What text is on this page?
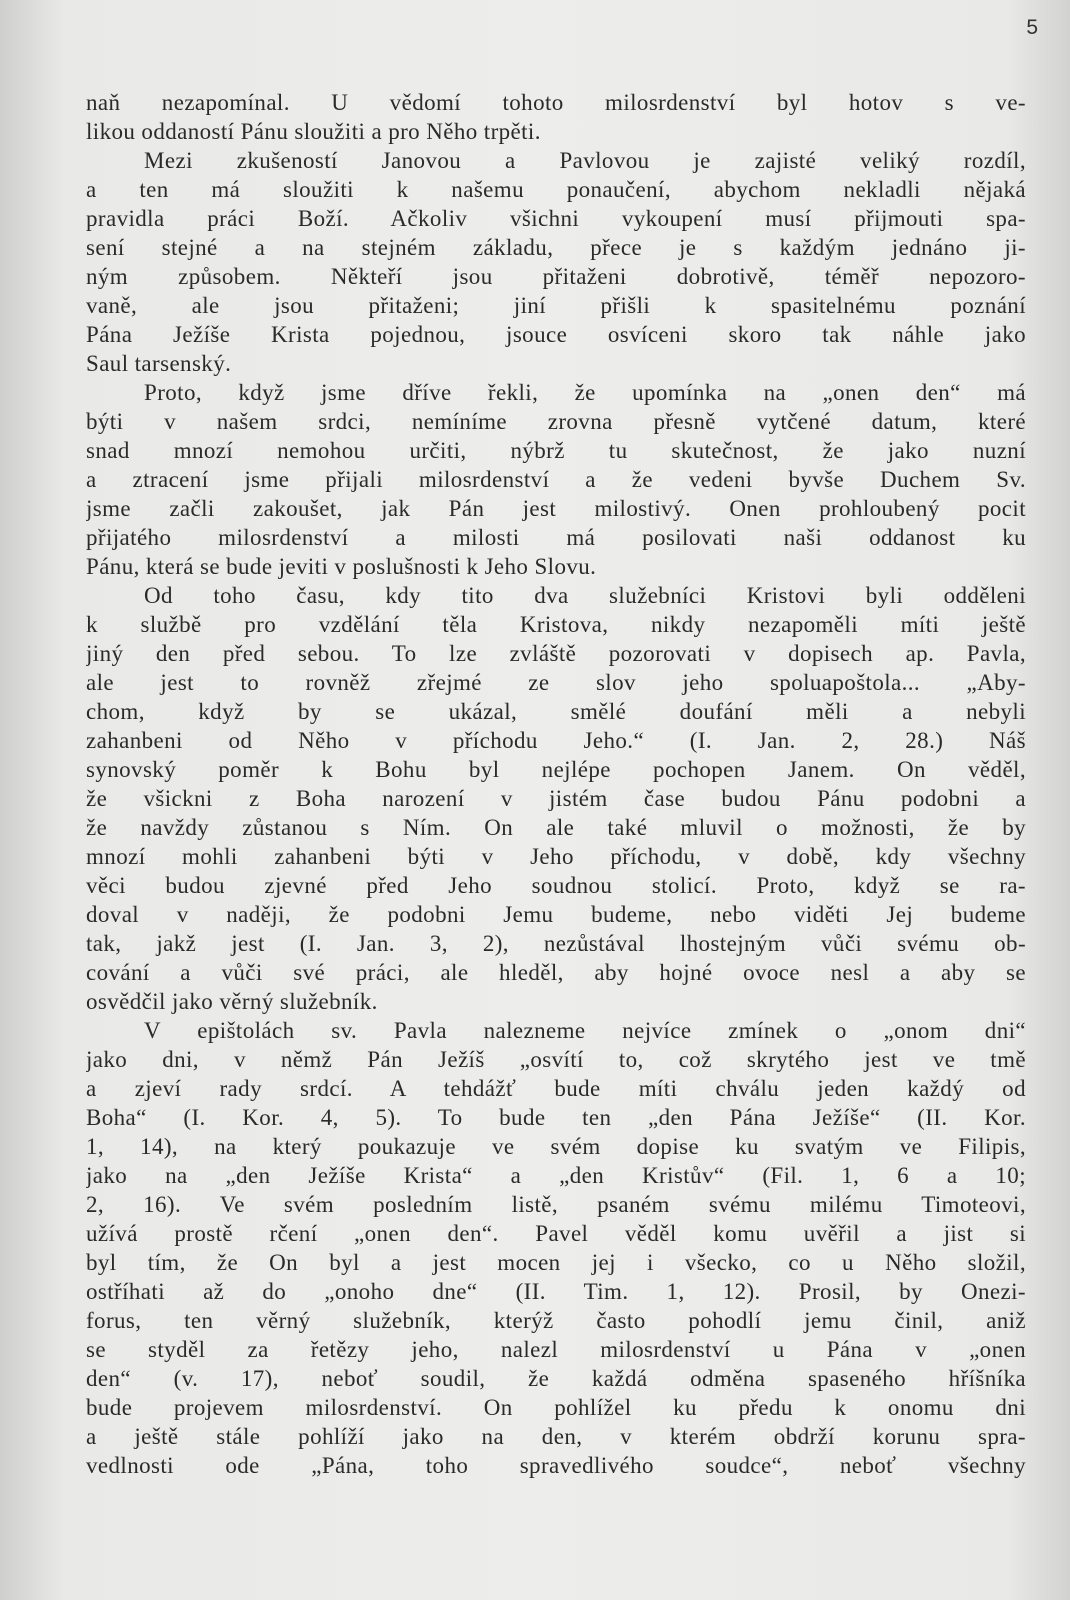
5
naň nezapomínal. U vědomí tohoto milosrdenství byl hotov s ve-
likou oddaností Pánu sloužiti a pro Něho trpěti.
Mezi zkušeností Janovou a Pavlovou je zajisté veliký rozdíl,
a ten má sloužiti k našemu ponaučení, abychom nekladli nějaká
pravidla práci Boží. Ačkoliv všichni vykoupení musí přijmouti spa-
sení stejné a na stejném základu, přece je s každým jednáno ji-
ným způsobem. Někteří jsou přitaženi dobrotivě, téměř nepozoro-
vaně, ale jsou přitaženi; jiní přišli k spasitelnému poznání
Pána Ježíše Krista pojednou, jsouce osvíceni skoro tak náhle jako
Saul tarsenský.
Proto, když jsme dříve řekli, že upomínka na „onen den“ má
býti v našem srdci, nemíníme zrovna přesně vytčené datum, které
snad mnozí nemohou určiti, nýbrž tu skutečnost, že jako nuzní
a ztracení jsme přijali milosrdenství a že vedeni byvše Duchem Sv.
jsme začli zakoušet, jak Pán jest milostivý. Onen prohloubený pocit
přijatého milosrdenství a milosti má posilovati naši oddanost ku
Pánu, která se bude jeviti v poslušnosti k Jeho Slovu.
Od toho času, kdy tito dva služebníci Kristovi byli odděleni
k službě pro vzdělání těla Kristova, nikdy nezapoměli míti ještě
jiný den před sebou. To lze zvláště pozorovati v dopisech ap. Pavla,
ale jest to rovněž zřejmé ze slov jeho spoluapoštola... „Aby-
chom, když by se ukázal, smělé doufání měli a nebyli
zahanbeni od Něho v příchodu Jeho.“ (I. Jan. 2, 28.) Náš
synovský poměr k Bohu byl nejlépe pochopen Janem. On věděl,
že všickni z Boha narození v jistém čase budou Pánu podobni a
že navždy zůstanou s Ním. On ale také mluvil o možnosti, že by
mnozí mohli zahanbeni býti v Jeho příchodu, v době, kdy všechny
věci budou zjevné před Jeho soudnou stolicí. Proto, když se ra-
doval v naději, že podobni Jemu budeme, nebo viděti Jej budeme
tak, jakž jest (I. Jan. 3, 2), nezůstával lhostejným vůči svému ob-
cování a vůči své práci, ale hleděl, aby hojné ovoce nesl a aby se
osvědčil jako věrný služebník.
V epištolách sv. Pavla nalezneme nejvíce zmínek o „onom dni“
jako dni, v němž Pán Ježíš „osvítí to, což skrytého jest ve tmě
a zjeví rady srdcí. A tehdážť bude míti chválu jeden každý od
Boha“ (I. Kor. 4, 5). To bude ten „den Pána Ježíše“ (II. Kor.
1, 14), na který poukazuje ve svém dopise ku svatým ve Filipis,
jako na „den Ježíše Krista“ a „den Kristův“ (Fil. 1, 6 a 10;
2, 16). Ve svém posledním listě, psaném svému milému Timoteovi,
užívá prostě rčení „onen den“. Pavel věděl komu uvěřil a jist si
byl tím, že On byl a jest mocen jej i všecko, co u Něho složil,
ostříhati až do „onoho dne“ (II. Tim. 1, 12). Prosil, by Onezi-
forus, ten věrný služebník, kterýž často pohodlí jemu činil, aniž
se styděl za řetězy jeho, nalezl milosrdenství u Pána v „onen
den“ (v. 17), neboť soudil, že každá odměna spaseného hříšníka
bude projevem milosrdenství. On pohlížel ku předu k onomu dni
a ještě stále pohlíží jako na den, v kterém obdrží korunu spra-
vedlnosti ode „Pána, toho spravedlivého soudce“, neboť všechny
